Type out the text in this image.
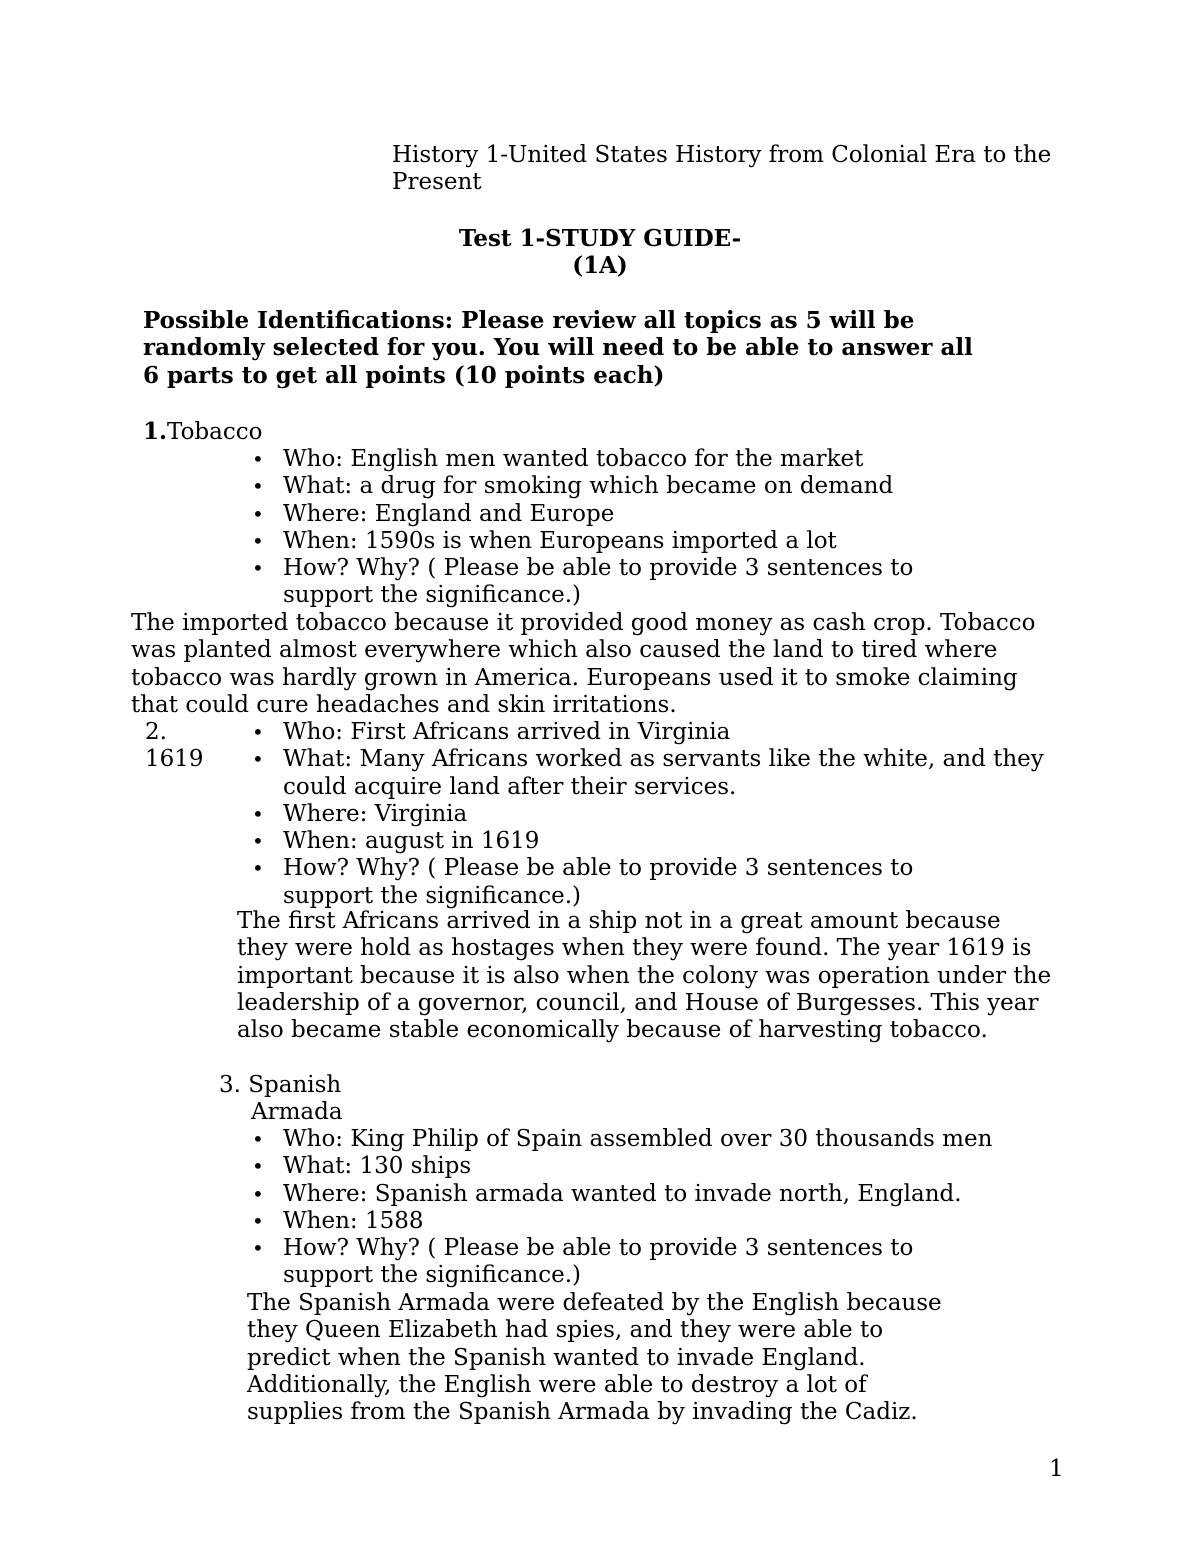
History 1-United States History from Colonial Era to the
Present
Test 1-STUDY GUIDE-
(1A)
Possible Identifications: Please review all topics as 5 will be
randomly selected for you. You will need to be able to answer all
6 parts to get all points (10 points each)
1.Tobacco
• Who: English men wanted tobacco for the market
• What: a drug for smoking which became on demand
• Where: England and Europe
• When: 1590s is when Europeans imported a lot
• How? Why? ( Please be able to provide 3 sentences to
support the significance.)
The imported tobacco because it provided good money as cash crop. Tobacco
was planted almost everywhere which also caused the land to tired where
tobacco was hardly grown in America. Europeans used it to smoke claiming
that could cure headaches and skin irritations.
2.
1619
• Who: First Africans arrived in Virginia
• What: Many Africans worked as servants like the white, and they
could acquire land after their services.
• Where: Virginia
• When: august in 1619
• How? Why? ( Please be able to provide 3 sentences to
support the significance.)
The first Africans arrived in a ship not in a great amount because
they were hold as hostages when they were found. The year 1619 is
important because it is also when the colony was operation under the
leadership of a governor, council, and House of Burgesses. This year
also became stable economically because of harvesting tobacco.
3. Spanish
Armada
• Who: King Philip of Spain assembled over 30 thousands men
• What: 130 ships
• Where: Spanish armada wanted to invade north, England.
• When: 1588
• How? Why? ( Please be able to provide 3 sentences to
support the significance.)
The Spanish Armada were defeated by the English because
they Queen Elizabeth had spies, and they were able to
predict when the Spanish wanted to invade England.
Additionally, the English were able to destroy a lot of
supplies from the Spanish Armada by invading the Cadiz.
1
